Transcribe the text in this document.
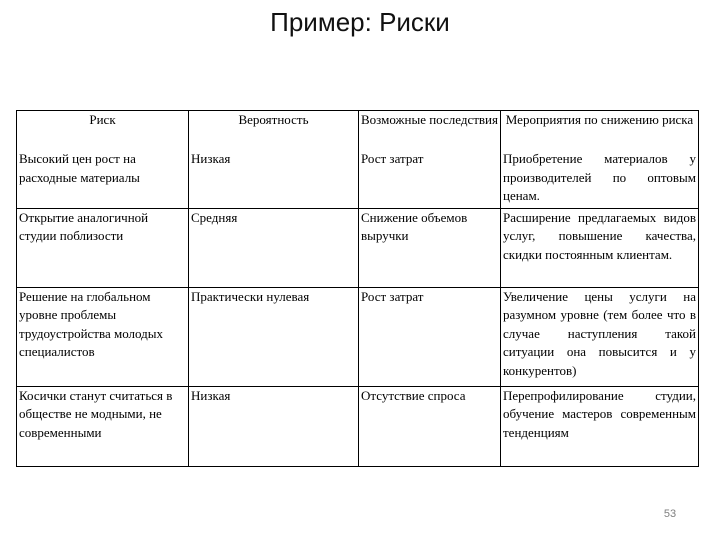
Пример: Риски
Риск	Вероятность	Возможные последствия	Мероприятия по снижению риска
Высокий цен рост на расходные материалы	Низкая	Рост затрат	Приобретение материалов у производителей по оптовым ценам.
Открытие аналогичной студии поблизости	Средняя	Снижение объемов выручки	Расширение предлагаемых видов услуг, повышение качества, скидки постоянным клиентам.
Решение на глобальном уровне проблемы трудоустройства молодых специалистов	Практически нулевая	Рост затрат	Увеличение цены услуги на разумном уровне (тем более что в случае наступления такой ситуации она повысится и у конкурентов)
Косички станут считаться в обществе не модными, не современными	Низкая	Отсутствие спроса	Перепрофилирование студии, обучение мастеров современным тенденциям
53
